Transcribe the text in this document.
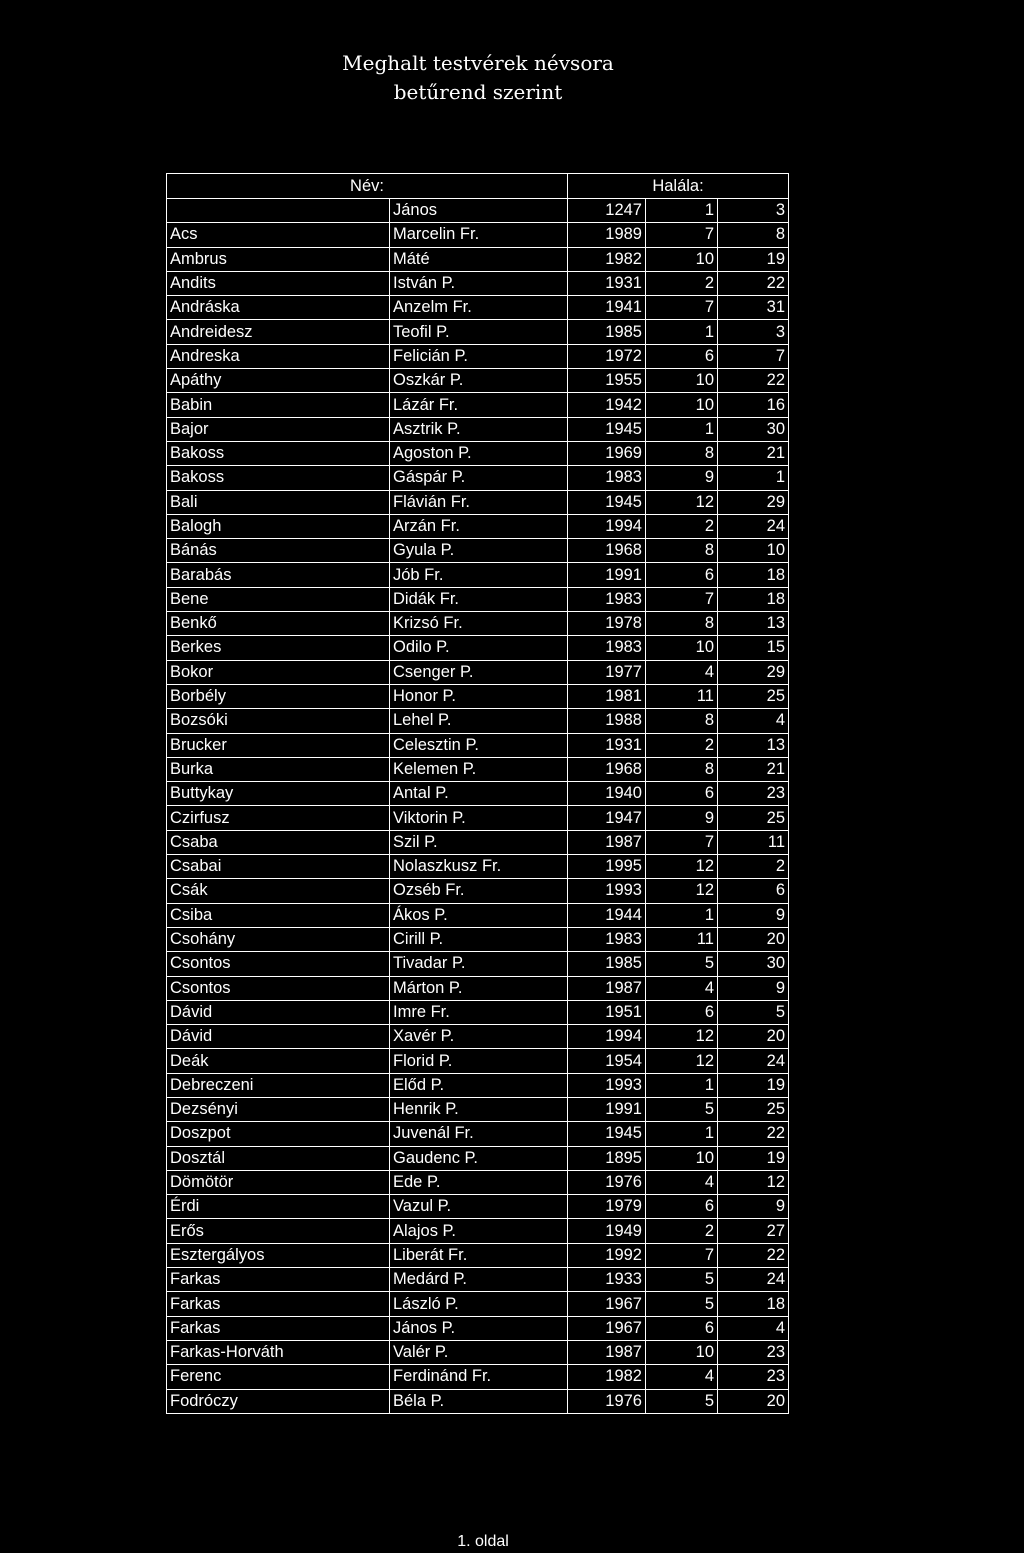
Meghalt testvérek névsora
betűrend szerint
Név:		Halála:		
	János	1247	1	3
Acs	Marcelin Fr.	1989	7	8
Ambrus	Máté	1982	10	19
Andits	István P.	1931	2	22
Andráska	Anzelm Fr.	1941	7	31
Andreidesz	Teofil P.	1985	1	3
Andreska	Felicián P.	1972	6	7
Apáthy	Oszkár P.	1955	10	22
Babin	Lázár Fr.	1942	10	16
Bajor	Asztrik P.	1945	1	30
Bakoss	Agoston P.	1969	8	21
Bakoss	Gáspár P.	1983	9	1
Bali	Flávián Fr.	1945	12	29
Balogh	Arzán Fr.	1994	2	24
Bánás	Gyula P.	1968	8	10
Barabás	Jób Fr.	1991	6	18
Bene	Didák Fr.	1983	7	18
Benkő	Krizsó Fr.	1978	8	13
Berkes	Odilo P.	1983	10	15
Bokor	Csenger P.	1977	4	29
Borbély	Honor P.	1981	11	25
Bozsóki	Lehel P.	1988	8	4
Brucker	Celesztin P.	1931	2	13
Burka	Kelemen P.	1968	8	21
Buttykay	Antal P.	1940	6	23
Czirfusz	Viktorin P.	1947	9	25
Csaba	Szil P.	1987	7	11
Csabai	Nolaszkusz Fr.	1995	12	2
Csák	Ozséb Fr.	1993	12	6
Csiba	Ákos P.	1944	1	9
Csohány	Cirill P.	1983	11	20
Csontos	Tivadar P.	1985	5	30
Csontos	Márton P.	1987	4	9
Dávid	Imre Fr.	1951	6	5
Dávid	Xavér P.	1994	12	20
Deák	Florid P.	1954	12	24
Debreczeni	Előd P.	1993	1	19
Dezsényi	Henrik P.	1991	5	25
Doszpot	Juvenál Fr.	1945	1	22
Dosztál	Gaudenc P.	1895	10	19
Dömötör	Ede P.	1976	4	12
Érdi	Vazul P.	1979	6	9
Erős	Alajos P.	1949	2	27
Esztergályos	Liberát Fr.	1992	7	22
Farkas	Medárd P.	1933	5	24
Farkas	László P.	1967	5	18
Farkas	János P.	1967	6	4
Farkas-Horváth	Valér P.	1987	10	23
Ferenc	Ferdinánd Fr.	1982	4	23
Fodróczy	Béla P.	1976	5	20
1. oldal
